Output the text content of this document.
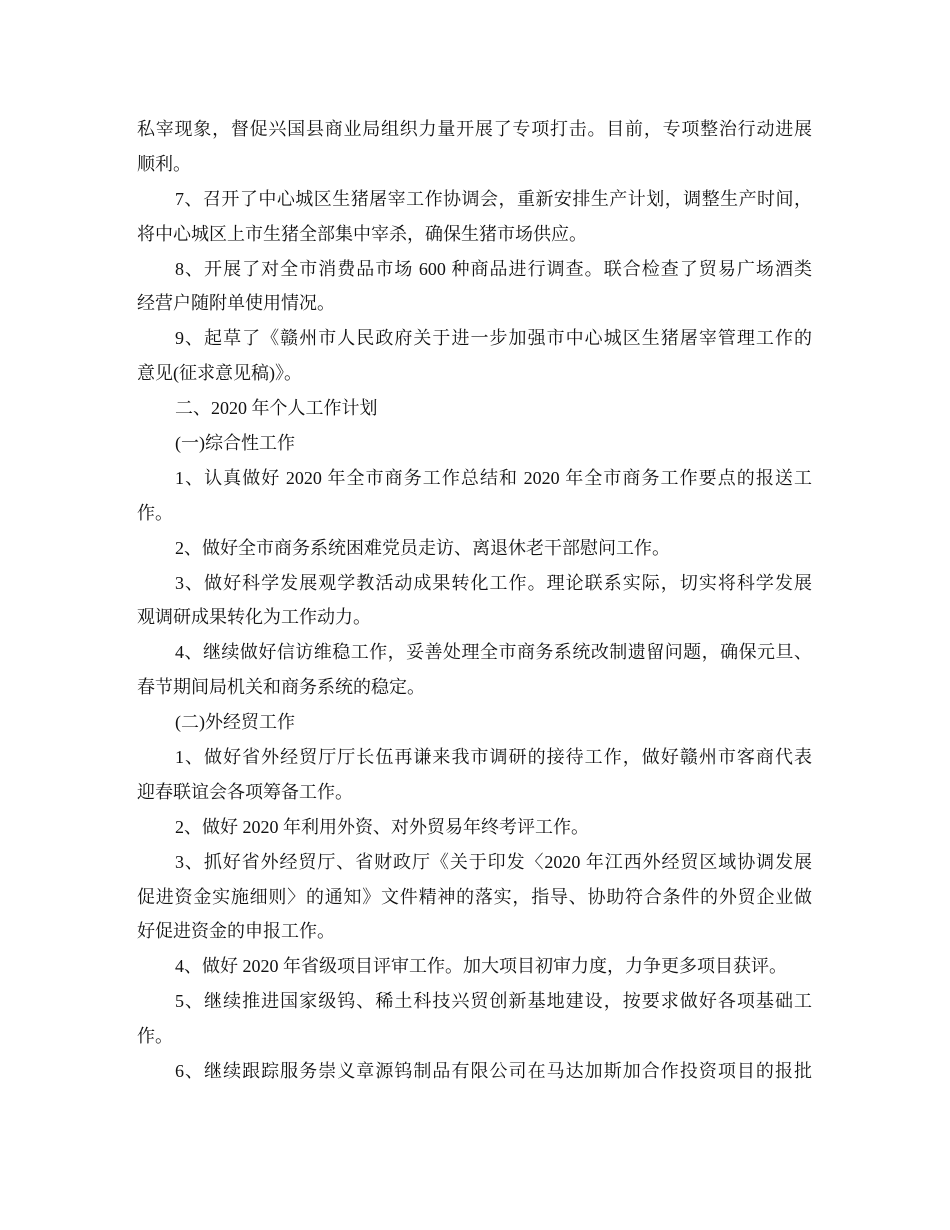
私宰现象，督促兴国县商业局组织力量开展了专项打击。目前，专项整治行动进展
顺利。
7、召开了中心城区生猪屠宰工作协调会，重新安排生产计划，调整生产时间，
将中心城区上市生猪全部集中宰杀，确保生猪市场供应。
8、开展了对全市消费品市场 600 种商品进行调查。联合检查了贸易广场酒类
经营户随附单使用情况。
9、起草了《赣州市人民政府关于进一步加强市中心城区生猪屠宰管理工作的
意见(征求意见稿)》。
二、2020 年个人工作计划
(一)综合性工作
1、认真做好 2020 年全市商务工作总结和 2020 年全市商务工作要点的报送工
作。
2、做好全市商务系统困难党员走访、离退休老干部慰问工作。
3、做好科学发展观学教活动成果转化工作。理论联系实际，切实将科学发展
观调研成果转化为工作动力。
4、继续做好信访维稳工作，妥善处理全市商务系统改制遗留问题，确保元旦、
春节期间局机关和商务系统的稳定。
(二)外经贸工作
1、做好省外经贸厅厅长伍再谦来我市调研的接待工作，做好赣州市客商代表
迎春联谊会各项筹备工作。
2、做好 2020 年利用外资、对外贸易年终考评工作。
3、抓好省外经贸厅、省财政厅《关于印发〈2020 年江西外经贸区域协调发展
促进资金实施细则〉的通知》文件精神的落实，指导、协助符合条件的外贸企业做
好促进资金的申报工作。
4、做好 2020 年省级项目评审工作。加大项目初审力度，力争更多项目获评。
5、继续推进国家级钨、稀土科技兴贸创新基地建设，按要求做好各项基础工
作。
6、继续跟踪服务崇义章源钨制品有限公司在马达加斯加合作投资项目的报批
